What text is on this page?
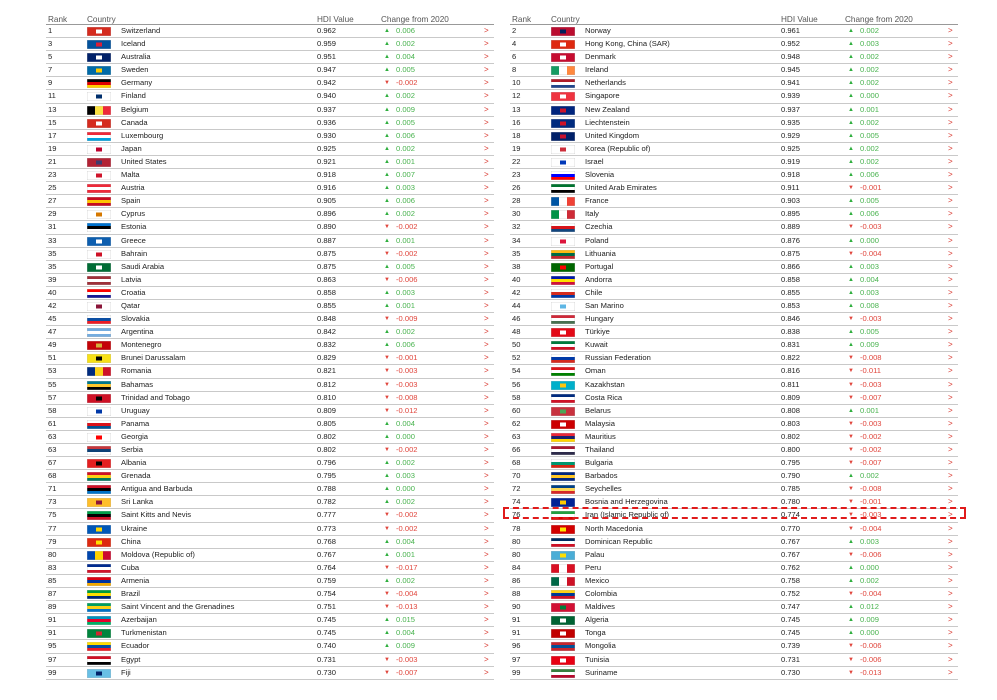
Rank Country	HDI Value	Change from 2020
1	Switzerland	0.962	▲ 0.006	>
3	Iceland	0.959	▲ 0.002	>
5	Australia	0.951	▲ 0.004	>
7	Sweden	0.947	▲ 0.005	>
9	Germany	0.942	▼ -0.002	>
11	Finland	0.940	▲ 0.002	>
13	Belgium	0.937	▲ 0.009	>
15	Canada	0.936	▲ 0.005	>
17	Luxembourg	0.930	▲ 0.006	>
19	Japan	0.925	▲ 0.002	>
21	United States	0.921	▲ 0.001	>
23	Malta	0.918	▲ 0.007	>
25	Austria	0.916	▲ 0.003	>
27	Spain	0.905	▲ 0.006	>
29	Cyprus	0.896	▲ 0.002	>
31	Estonia	0.890	▼ -0.002	>
33	Greece	0.887	▲ 0.001	>
35	Bahrain	0.875	▼ -0.002	>
35	Saudi Arabia	0.875	▲ 0.005	>
39	Latvia	0.863	▼ -0.006	>
40	Croatia	0.858	▲ 0.003	>
42	Qatar	0.855	▲ 0.001	>
45	Slovakia	0.848	▼ -0.009	>
47	Argentina	0.842	▲ 0.002	>
49	Montenegro	0.832	▲ 0.006	>
51	Brunei Darussalam	0.829	▼ -0.001	>
53	Romania	0.821	▼ -0.003	>
55	Bahamas	0.812	▼ -0.003	>
57	Trinidad and Tobago	0.810	▼ -0.008	>
58	Uruguay	0.809	▼ -0.012	>
61	Panama	0.805	▲ 0.004	>
63	Georgia	0.802	▲ 0.000	>
63	Serbia	0.802	▼ -0.002	>
67	Albania	0.796	▲ 0.002	>
68	Grenada	0.795	▲ 0.003	>
71	Antigua and Barbuda	0.788	▲ 0.000	>
73	Sri Lanka	0.782	▲ 0.002	>
75	Saint Kitts and Nevis	0.777	▼ -0.002	>
77	Ukraine	0.773	▼ -0.002	>
79	China	0.768	▲ 0.004	>
80	Moldova (Republic of)	0.767	▲ 0.001	>
83	Cuba	0.764	▼ -0.017	>
85	Armenia	0.759	▲ 0.002	>
87	Brazil	0.754	▼ -0.004	>
89	Saint Vincent and the Grenadines	0.751	▼ -0.013	>
91	Azerbaijan	0.745	▲ 0.015	>
91	Turkmenistan	0.745	▲ 0.004	>
95	Ecuador	0.740	▲ 0.009	>
97	Egypt	0.731	▼ -0.003	>
99	Fiji	0.730	▼ -0.007	>
Rank Country	HDI Value	Change from 2020
2	Norway	0.961	▲ 0.002	>
4	Hong Kong, China (SAR)	0.952	▲ 0.003	>
6	Denmark	0.948	▲ 0.002	>
8	Ireland	0.945	▲ 0.002	>
10	Netherlands	0.941	▲ 0.002	>
12	Singapore	0.939	▲ 0.000	>
13	New Zealand	0.937	▲ 0.001	>
16	Liechtenstein	0.935	▲ 0.002	>
18	United Kingdom	0.929	▲ 0.005	>
19	Korea (Republic of)	0.925	▲ 0.002	>
22	Israel	0.919	▲ 0.002	>
23	Slovenia	0.918	▲ 0.006	>
26	United Arab Emirates	0.911	▼ -0.001	>
28	France	0.903	▲ 0.005	>
30	Italy	0.895	▲ 0.006	>
32	Czechia	0.889	▼ -0.003	>
34	Poland	0.876	▲ 0.000	>
35	Lithuania	0.875	▼ -0.004	>
38	Portugal	0.866	▲ 0.003	>
40	Andorra	0.858	▲ 0.004	>
42	Chile	0.855	▲ 0.003	>
44	San Marino	0.853	▲ 0.008	>
46	Hungary	0.846	▼ -0.003	>
48	Türkiye	0.838	▲ 0.005	>
50	Kuwait	0.831	▲ 0.009	>
52	Russian Federation	0.822	▼ -0.008	>
54	Oman	0.816	▼ -0.011	>
56	Kazakhstan	0.811	▼ -0.003	>
58	Costa Rica	0.809	▼ -0.007	>
60	Belarus	0.808	▲ 0.001	>
62	Malaysia	0.803	▼ -0.003	>
63	Mauritius	0.802	▼ -0.002	>
66	Thailand	0.800	▼ -0.002	>
68	Bulgaria	0.795	▼ -0.007	>
70	Barbados	0.790	▲ 0.002	>
72	Seychelles	0.785	▼ -0.008	>
74	Bosnia and Herzegovina	0.780	▼ -0.001	>
76	Iran (Islamic Republic of)	0.774	▼ -0.003	>
78	North Macedonia	0.770	▼ -0.004	>
80	Dominican Republic	0.767	▲ 0.003	>
80	Palau	0.767	▼ -0.006	>
84	Peru	0.762	▲ 0.000	>
86	Mexico	0.758	▲ 0.002	>
88	Colombia	0.752	▼ -0.004	>
90	Maldives	0.747	▲ 0.012	>
91	Algeria	0.745	▲ 0.009	>
91	Tonga	0.745	▲ 0.000	>
96	Mongolia	0.739	▼ -0.006	>
97	Tunisia	0.731	▼ -0.006	>
99	Suriname	0.730	▼ -0.013	>
